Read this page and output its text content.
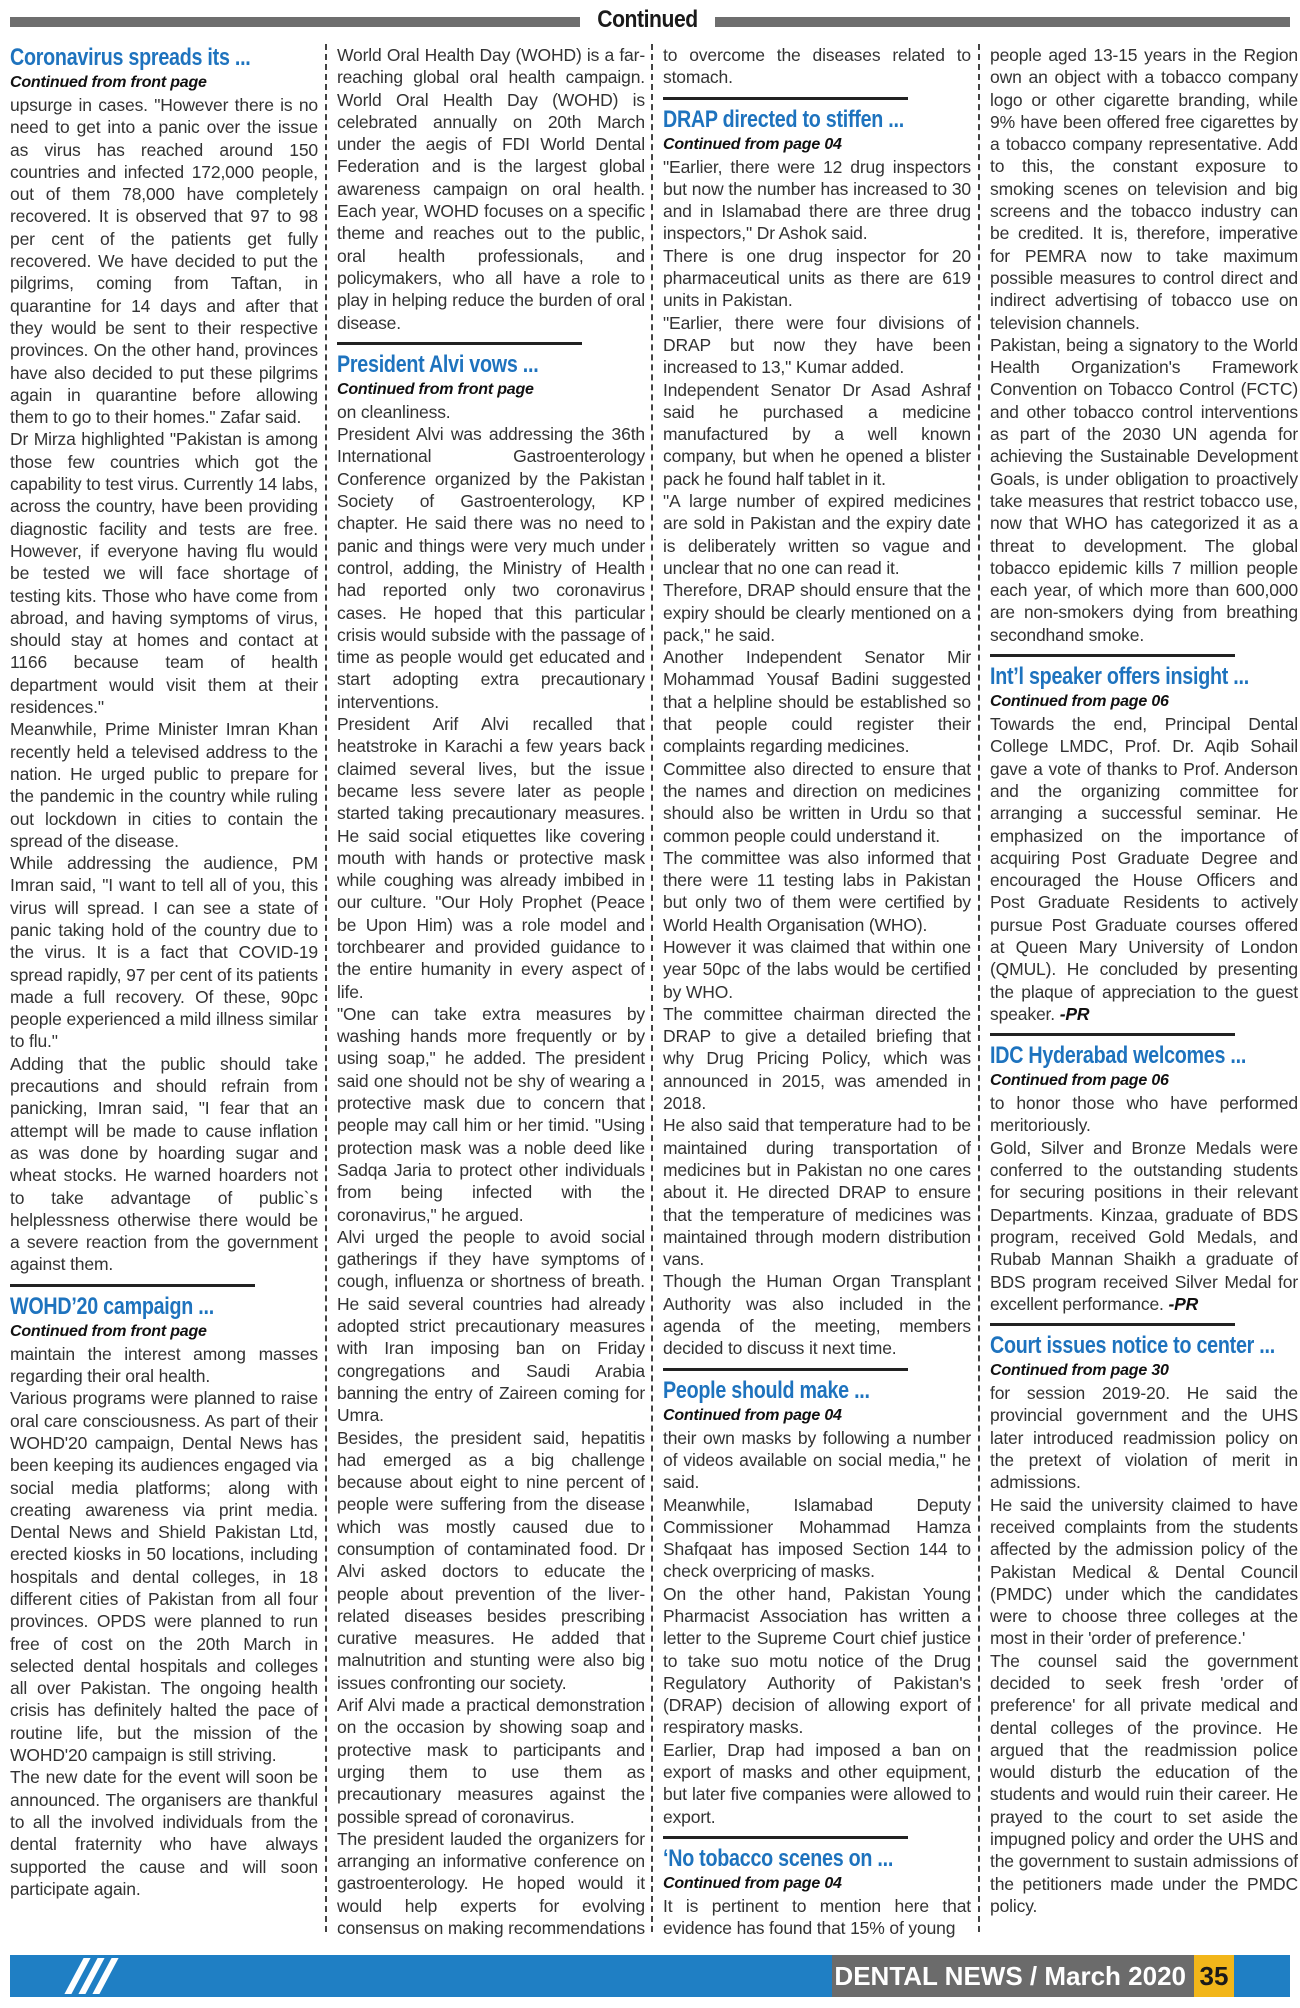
Continued
Coronavirus spreads its ...
Continued from front page

upsurge in cases. "However there is no need to get into a panic over the issue as virus has reached around 150 countries and infected 172,000 people, out of them 78,000 have completely recovered. It is observed that 97 to 98 per cent of the patients get fully recovered. We have decided to put the pilgrims, coming from Taftan, in quarantine for 14 days and after that they would be sent to their respective provinces. On the other hand, provinces have also decided to put these pilgrims again in quarantine before allowing them to go to their homes." Zafar said.

Dr Mirza highlighted "Pakistan is among those few countries which got the capability to test virus. Currently 14 labs, across the country, have been providing diagnostic facility and tests are free. However, if everyone having flu would be tested we will face shortage of testing kits. Those who have come from abroad, and having symptoms of virus, should stay at homes and contact at 1166 because team of health department would visit them at their residences."

Meanwhile, Prime Minister Imran Khan recently held a televised address to the nation. He urged public to prepare for the pandemic in the country while ruling out lockdown in cities to contain the spread of the disease.

While addressing the audience, PM Imran said, "I want to tell all of you, this virus will spread. I can see a state of panic taking hold of the country due to the virus. It is a fact that COVID-19 spread rapidly, 97 per cent of its patients made a full recovery. Of these, 90pc people experienced a mild illness similar to flu."

Adding that the public should take precautions and should refrain from panicking, Imran said, "I fear that an attempt will be made to cause inflation as was done by hoarding sugar and wheat stocks. He warned hoarders not to take advantage of public`s helplessness otherwise there would be a severe reaction from the government against them.

WOHD’20 campaign ...
Continued from front page

maintain the interest among masses regarding their oral health.

Various programs were planned to raise oral care consciousness. As part of their WOHD'20 campaign, Dental News has been keeping its audiences engaged via social media platforms; along with creating awareness via print media. Dental News and Shield Pakistan Ltd, erected kiosks in 50 locations, including hospitals and dental colleges, in 18 different cities of Pakistan from all four provinces. OPDS were planned to run free of cost on the 20th March in selected dental hospitals and colleges all over Pakistan. The ongoing health crisis has definitely halted the pace of routine life, but the mission of the WOHD'20 campaign is still striving.

The new date for the event will soon be announced. The organisers are thankful to all the involved individuals from the dental fraternity who have always supported the cause and will soon participate again.

World Oral Health Day (WOHD) is a far-reaching global oral health campaign. World Oral Health Day (WOHD) is celebrated annually on 20th March under the aegis of FDI World Dental Federation and is the largest global awareness campaign on oral health. Each year, WOHD focuses on a specific theme and reaches out to the public, oral health professionals, and policymakers, who all have a role to play in helping reduce the burden of oral disease.

President Alvi vows ...
Continued from front page

on cleanliness.

President Alvi was addressing the 36th International Gastroenterology Conference organized by the Pakistan Society of Gastroenterology, KP chapter. He said there was no need to panic and things were very much under control, adding, the Ministry of Health had reported only two coronavirus cases. He hoped that this particular crisis would subside with the passage of time as people would get educated and start adopting extra precautionary interventions.

President Arif Alvi recalled that heatstroke in Karachi a few years back claimed several lives, but the issue became less severe later as people started taking precautionary measures. He said social etiquettes like covering mouth with hands or protective mask while coughing was already imbibed in our culture. "Our Holy Prophet (Peace be Upon Him) was a role model and torchbearer and provided guidance to the entire humanity in every aspect of life.

"One can take extra measures by washing hands more frequently or by using soap," he added. The president said one should not be shy of wearing a protective mask due to concern that people may call him or her timid. "Using protection mask was a noble deed like Sadqa Jaria to protect other individuals from being infected with the coronavirus," he argued.

Alvi urged the people to avoid social gatherings if they have symptoms of cough, influenza or shortness of breath. He said several countries had already adopted strict precautionary measures with Iran imposing ban on Friday congregations and Saudi Arabia banning the entry of Zaireen coming for Umra.

Besides, the president said, hepatitis had emerged as a big challenge because about eight to nine percent of people were suffering from the disease which was mostly caused due to consumption of contaminated food. Dr Alvi asked doctors to educate the people about prevention of the liver-related diseases besides prescribing curative measures. He added that malnutrition and stunting were also big issues confronting our society.

Arif Alvi made a practical demonstration on the occasion by showing soap and protective mask to participants and urging them to use them as precautionary measures against the possible spread of coronavirus.

The president lauded the organizers for arranging an informative conference on gastroenterology. He hoped would it would help experts for evolving consensus on making recommendations

to overcome the diseases related to stomach.

DRAP directed to stiffen ...
Continued from page 04

"Earlier, there were 12 drug inspectors but now the number has increased to 30 and in Islamabad there are three drug inspectors," Dr Ashok said.

There is one drug inspector for 20 pharmaceutical units as there are 619 units in Pakistan.

"Earlier, there were four divisions of DRAP but now they have been increased to 13," Kumar added.

Independent Senator Dr Asad Ashraf said he purchased a medicine manufactured by a well known company, but when he opened a blister pack he found half tablet in it.

"A large number of expired medicines are sold in Pakistan and the expiry date is deliberately written so vague and unclear that no one can read it.

Therefore, DRAP should ensure that the expiry should be clearly mentioned on a pack," he said.

Another Independent Senator Mir Mohammad Yousaf Badini suggested that a helpline should be established so that people could register their complaints regarding medicines.

Committee also directed to ensure that the names and direction on medicines should also be written in Urdu so that common people could understand it.

The committee was also informed that there were 11 testing labs in Pakistan but only two of them were certified by World Health Organisation (WHO).

However it was claimed that within one year 50pc of the labs would be certified by WHO.

The committee chairman directed the DRAP to give a detailed briefing that why Drug Pricing Policy, which was announced in 2015, was amended in 2018.

He also said that temperature had to be maintained during transportation of medicines but in Pakistan no one cares about it. He directed DRAP to ensure that the temperature of medicines was maintained through modern distribution vans.

Though the Human Organ Transplant Authority was also included in the agenda of the meeting, members decided to discuss it next time.

People should make ...
Continued from page 04

their own masks by following a number of videos available on social media," he said.

Meanwhile, Islamabad Deputy Commissioner Mohammad Hamza Shafqaat has imposed Section 144 to check overpricing of masks.

On the other hand, Pakistan Young Pharmacist Association has written a letter to the Supreme Court chief justice to take suo motu notice of the Drug Regulatory Authority of Pakistan's (DRAP) decision of allowing export of respiratory masks.

Earlier, Drap had imposed a ban on export of masks and other equipment, but later five companies were allowed to export.

‘No tobacco scenes on ...
Continued from page 04

It is pertinent to mention here that evidence has found that 15% of young

people aged 13-15 years in the Region own an object with a tobacco company logo or other cigarette branding, while 9% have been offered free cigarettes by a tobacco company representative. Add to this, the constant exposure to smoking scenes on television and big screens and the tobacco industry can be credited. It is, therefore, imperative for PEMRA now to take maximum possible measures to control direct and indirect advertising of tobacco use on television channels.

Pakistan, being a signatory to the World Health Organization's Framework Convention on Tobacco Control (FCTC) and other tobacco control interventions as part of the 2030 UN agenda for achieving the Sustainable Development Goals, is under obligation to proactively take measures that restrict tobacco use, now that WHO has categorized it as a threat to development. The global tobacco epidemic kills 7 million people each year, of which more than 600,000 are non-smokers dying from breathing secondhand smoke.

Int’l speaker offers insight ...
Continued from page 06

Towards the end, Principal Dental College LMDC, Prof. Dr. Aqib Sohail gave a vote of thanks to Prof. Anderson and the organizing committee for arranging a successful seminar. He emphasized on the importance of acquiring Post Graduate Degree and encouraged the House Officers and Post Graduate Residents to actively pursue Post Graduate courses offered at Queen Mary University of London (QMUL). He concluded by presenting the plaque of appreciation to the guest speaker. -PR

IDC Hyderabad welcomes ...
Continued from page 06

to honor those who have performed meritoriously.

Gold, Silver and Bronze Medals were conferred to the outstanding students for securing positions in their relevant Departments. Kinzaa, graduate of BDS program, received Gold Medals, and Rubab Mannan Shaikh a graduate of BDS program received Silver Medal for excellent performance. -PR

Court issues notice to center ...
Continued from page 30

for session 2019-20. He said the provincial government and the UHS later introduced readmission policy on the pretext of violation of merit in admissions.

He said the university claimed to have received complaints from the students affected by the admission policy of the Pakistan Medical & Dental Council (PMDC) under which the candidates were to choose three colleges at the most in their 'order of preference.'

The counsel said the government decided to seek fresh 'order of preference' for all private medical and dental colleges of the province. He argued that the readmission police would disturb the education of the students and would ruin their career. He prayed to the court to set aside the impugned policy and order the UHS and the government to sustain admissions of the petitioners made under the PMDC policy.

DENTAL NEWS / March 2020 35
